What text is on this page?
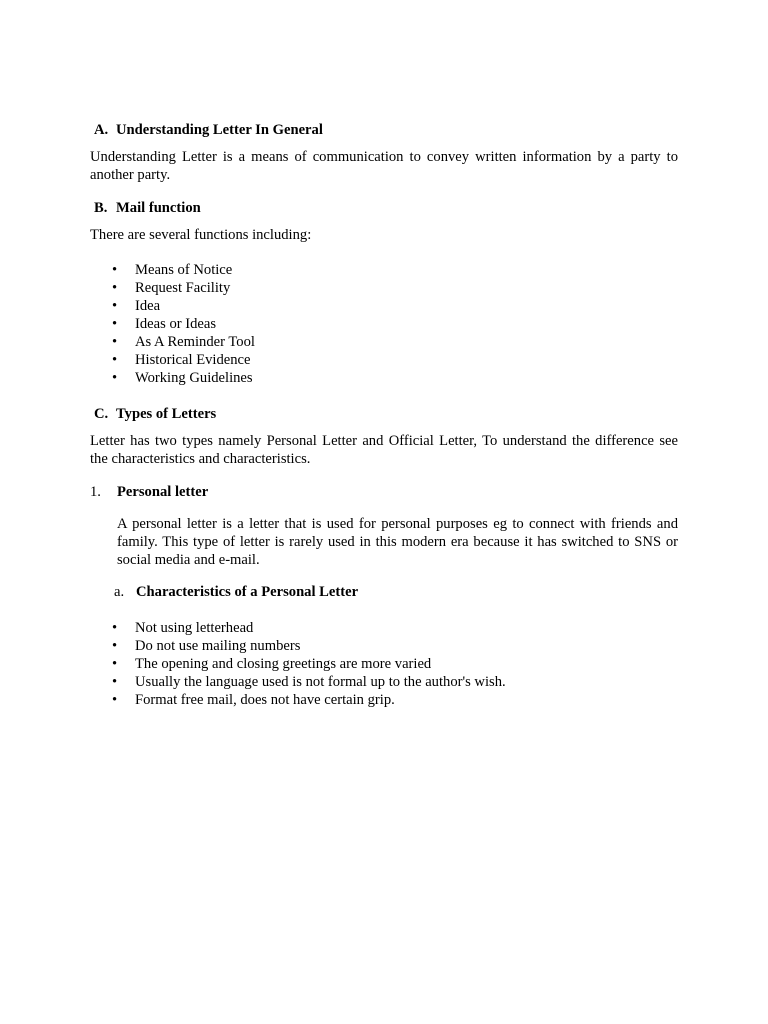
A. Understanding Letter In General
Understanding Letter is a means of communication to convey written information by a party to
another party.
B. Mail function
There are several functions including:
•	Means of Notice
•	Request Facility
•	Idea
•	Ideas or Ideas
•	As A Reminder Tool
•	Historical Evidence
•	Working Guidelines
C. Types of Letters
Letter has two types namely Personal Letter and Official Letter, To understand the difference see
the characteristics and characteristics.
1. Personal letter
A personal letter is a letter that is used for personal purposes eg to connect with friends and
family. This type of letter is rarely used in this modern era because it has switched to SNS or
social media and e-mail.
a. Characteristics of a Personal Letter
•	Not using letterhead
•	Do not use mailing numbers
•	The opening and closing greetings are more varied
•	Usually the language used is not formal up to the author's wish.
•	Format free mail, does not have certain grip.
